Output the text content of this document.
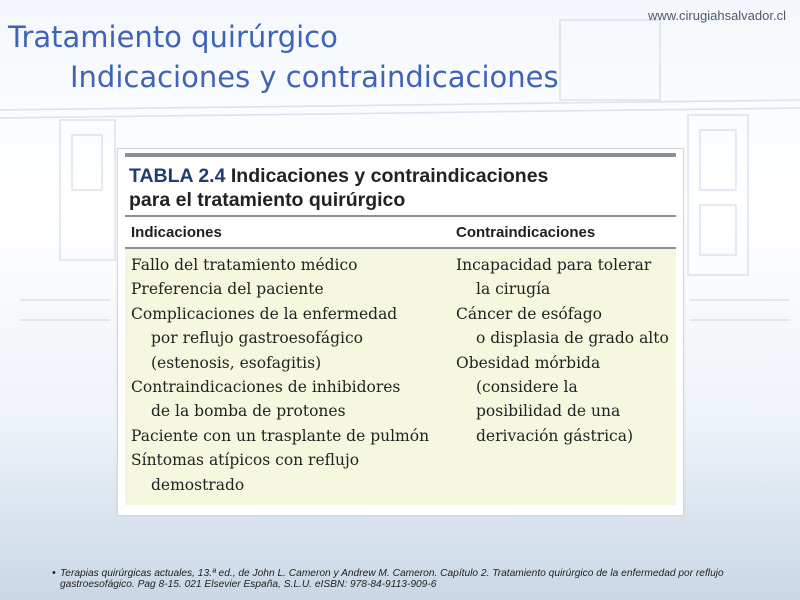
www.cirugiahsalvador.cl
Tratamiento quirúrgico
Indicaciones y contraindicaciones
TABLA 2.4 Indicaciones y contraindicaciones
para el tratamiento quirúrgico
Indicaciones	Contraindicaciones
Fallo del tratamiento médico
Preferencia del paciente
Complicaciones de la enfermedad
por reflujo gastroesofágico
(estenosis, esofagitis)
Contraindicaciones de inhibidores
de la bomba de protones
Paciente con un trasplante de pulmón
Síntomas atípicos con reflujo
demostrado
Incapacidad para tolerar
la cirugía
Cáncer de esófago
o displasia de grado alto
Obesidad mórbida
(considere la
posibilidad de una
derivación gástrica)
• Terapias quirúrgicas actuales, 13.ª ed., de John L. Cameron y Andrew M. Cameron. Capítulo 2. Tratamiento quirúrgico de la enfermedad por reflujo gastroesofágico. Pag 8-15. 021 Elsevier España, S.L.U. eISBN: 978-84-9113-909-6
